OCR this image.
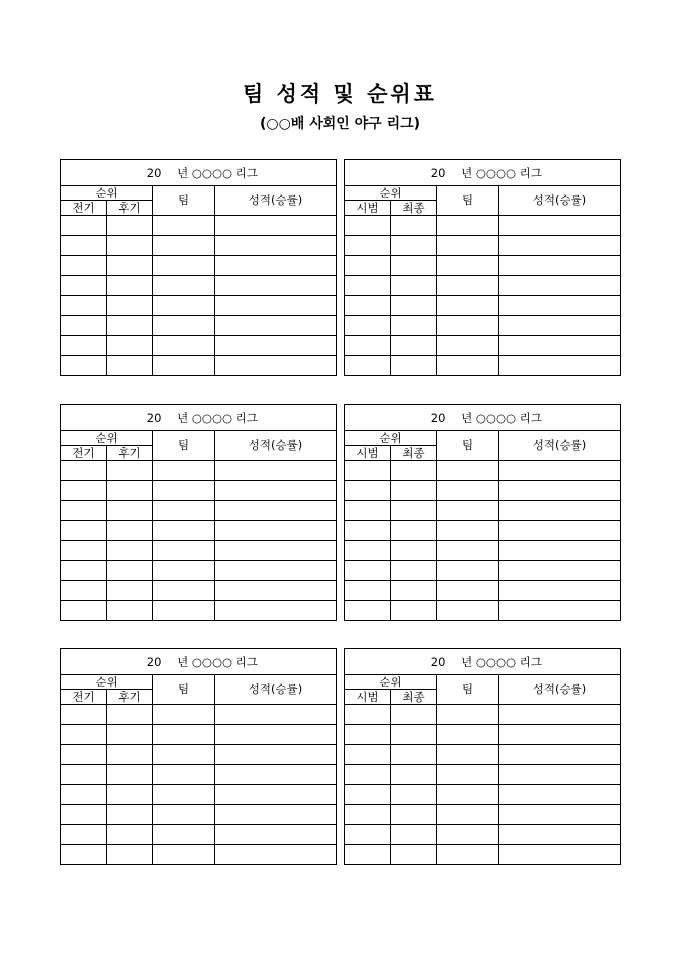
팀 성적 및 순위표
(○○배 사회인 야구 리그)
20 년 ○○○○ 리그			
순위		팀	성적(승률)
전기	후기		

20 년 ○○○○ 리그			
순위		팀	성적(승률)
시범	최종		

20 년 ○○○○ 리그			
순위		팀	성적(승률)
전기	후기		

20 년 ○○○○ 리그			
순위		팀	성적(승률)
시범	최종		

20 년 ○○○○ 리그			
순위		팀	성적(승률)
전기	후기		

20 년 ○○○○ 리그			
순위		팀	성적(승률)
시범	최종		
